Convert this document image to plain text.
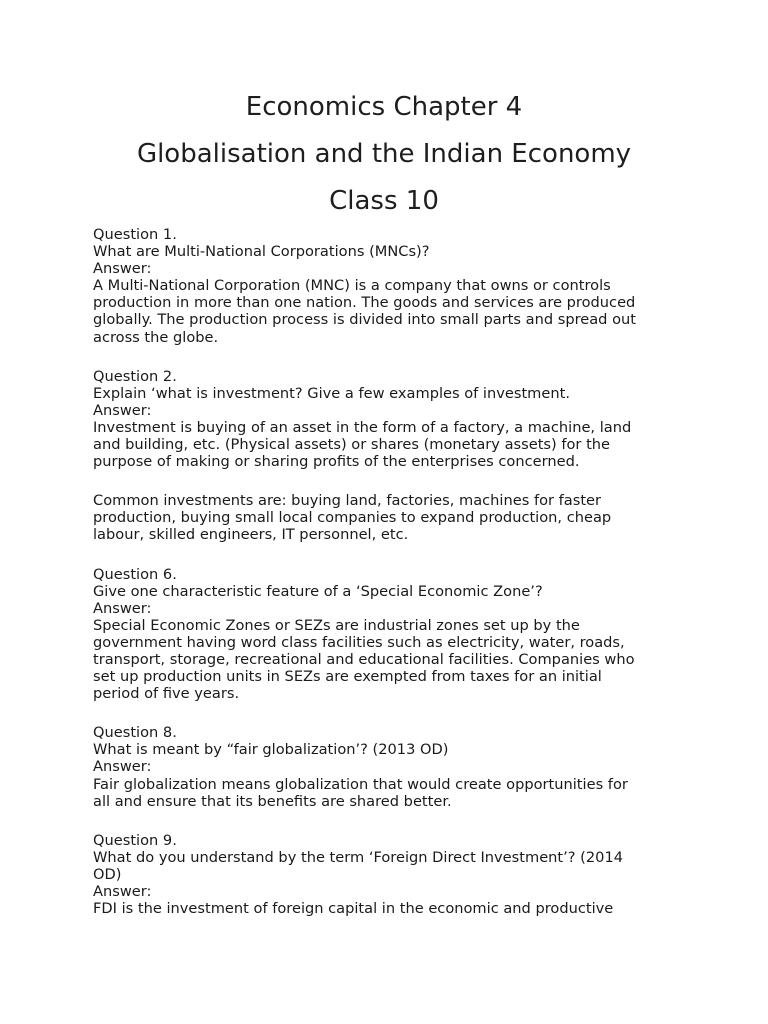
Economics Chapter 4

Globalisation and the Indian Economy

Class 10

Question 1.
What are Multi-National Corporations (MNCs)?
Answer:
A Multi-National Corporation (MNC) is a company that owns or controls
production in more than one nation. The goods and services are produced
globally. The production process is divided into small parts and spread out
across the globe.
Question 2.
Explain ‘what is investment? Give a few examples of investment.
Answer:
Investment is buying of an asset in the form of a factory, a machine, land
and building, etc. (Physical assets) or shares (monetary assets) for the
purpose of making or sharing profits of the enterprises concerned.
Common investments are: buying land, factories, machines for faster
production, buying small local companies to expand production, cheap
labour, skilled engineers, IT personnel, etc.
Question 6.
Give one characteristic feature of a ‘Special Economic Zone’?
Answer:
Special Economic Zones or SEZs are industrial zones set up by the
government having word class facilities such as electricity, water, roads,
transport, storage, recreational and educational facilities. Companies who
set up production units in SEZs are exempted from taxes for an initial
period of five years.
Question 8.
What is meant by “fair globalization’? (2013 OD)
Answer:
Fair globalization means globalization that would create opportunities for
all and ensure that its benefits are shared better.
Question 9.
What do you understand by the term ‘Foreign Direct Investment’? (2014
OD)
Answer:
FDI is the investment of foreign capital in the economic and productive
